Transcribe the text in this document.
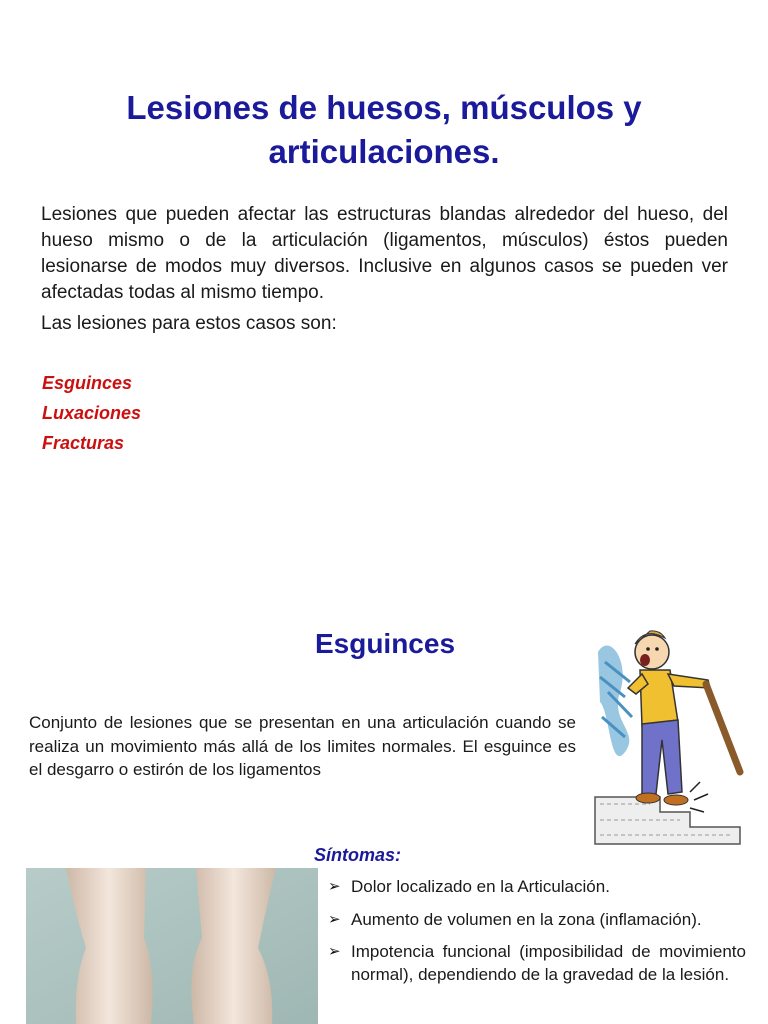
Lesiones de huesos, músculos y articulaciones.

Lesiones que pueden afectar las estructuras blandas alrededor del hueso, del hueso mismo o de la articulación (ligamentos, músculos) éstos pueden lesionarse de modos muy diversos. Inclusive en algunos casos se pueden ver afectadas todas al mismo tiempo.

Las lesiones para estos casos son:

Esguinces
Luxaciones
Fracturas
Esguinces

Conjunto de lesiones que se presentan en una articulación cuando se realiza un movimiento más allá de los limites normales. El esguince es el desgarro o estirón de los ligamentos

Síntomas:
➢ Dolor localizado en la Articulación.
➢ Aumento de volumen en la zona (inflamación).
➢ Impotencia funcional (imposibilidad de movimiento normal), dependiendo de la gravedad de la lesión.
